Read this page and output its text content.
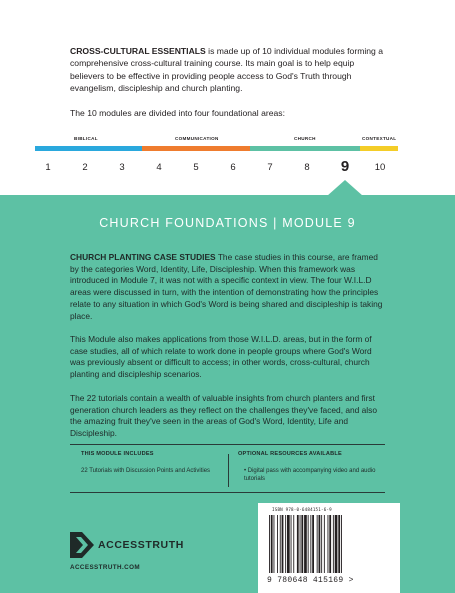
CROSS-CULTURAL ESSENTIALS is made up of 10 individual modules forming a comprehensive cross-cultural training course. Its main goal is to help equip believers to be effective in providing people access to God's Truth through evangelism, discipleship and church planting.
The 10 modules are divided into four foundational areas:
BIBLICAL	COMMUNICATION	CHURCH	CONTEXTUAL
1	2	3	4	5	6	7	8	9	10
CHURCH FOUNDATIONS | MODULE 9
CHURCH PLANTING CASE STUDIES The case studies in this course, are framed by the categories Word, Identity, Life, Discipleship. When this framework was introduced in Module 7, it was not with a specific context in view. The four W.I.L.D areas were discussed in turn, with the intention of demonstrating how the principles relate to any situation in which God's Word is being shared and discipleship is taking place.
This Module also makes applications from those W.I.L.D. areas, but in the form of case studies, all of which relate to work done in people groups where God's Word was previously absent or difficult to access; in other words, cross-cultural, church planting and discipleship scenarios.
The 22 tutorials contain a wealth of valuable insights from church planters and first generation church leaders as they reflect on the challenges they've faced, and also the amazing fruit they've seen in the areas of God's Word, Identity, Life and Discipleship.
THIS MODULE INCLUDES
22 Tutorials with Discussion Points and Activities
OPTIONAL RESOURCES AVAILABLE
• Digital pass with accompanying video and audio tutorials
ACCESSTRUTH
ACCESSTRUTH.COM
ISBN 978-0-6484151-6-9
9 780648 415169 >
